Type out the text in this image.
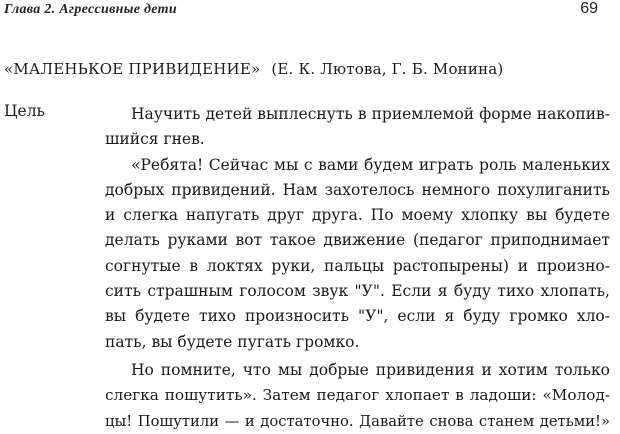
Глава 2. Агрессивные дети	69
«МАЛЕНЬКОЕ ПРИВИДЕНИЕ» (Е. К. Лютова, Г. Б. Монина)
Цель	Научить детей выплеснуть в приемлемой форме накопив-
шийся гнев.
«Ребята! Сейчас мы с вами будем играть роль маленьких
добрых привидений. Нам захотелось немного похулиганить
и слегка напугать друг друга. По моему хлопку вы будете
делать руками вот такое движение (педагог приподнимает
согнутые в локтях руки, пальцы растопырены) и произно-
сить страшным голосом звук "У". Если я буду тихо хлопать,
вы будете тихо произносить "У", если я буду громко хло-
пать, вы будете пугать громко.
Но помните, что мы добрые привидения и хотим только
слегка пошутить». Затем педагог хлопает в ладоши: «Молод-
цы! Пошутили — и достаточно. Давайте снова станем детьми!»
